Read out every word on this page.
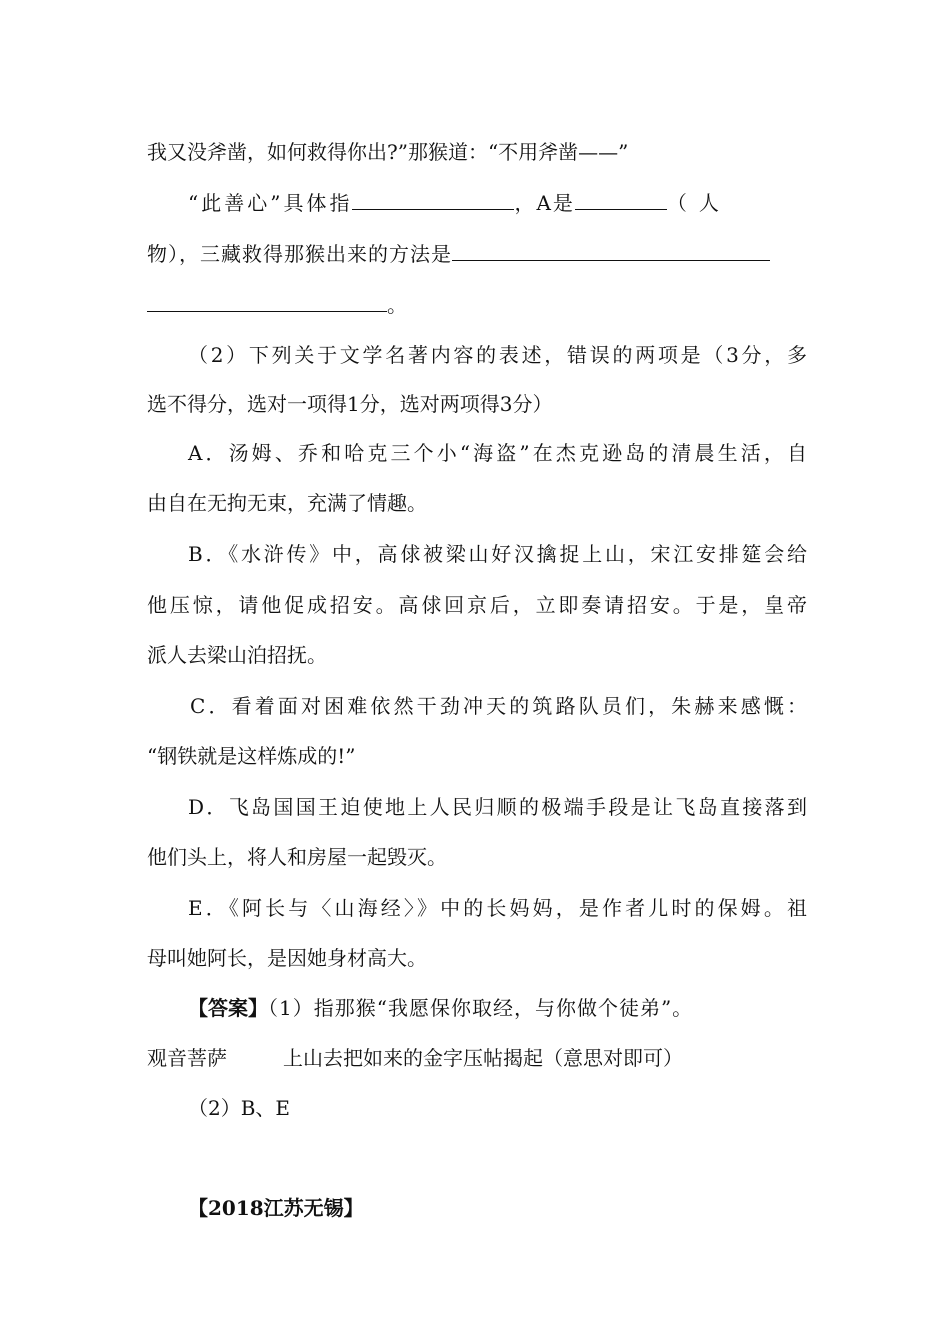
我又没斧凿，如何救得你出?”那猴道：“不用斧凿——”
“此善心”具体指	，A是	（人
物），三藏救得那猴出来的方法是
。
（2）下列关于文学名著内容的表述，错误的两项是（3分，多
选不得分，选对一项得1分，选对两项得3分）
A．汤姆、乔和哈克三个小“海盗”在杰克逊岛的清晨生活，自
由自在无拘无束，充满了情趣。
B．《水浒传》中，高俅被梁山好汉擒捉上山，宋江安排筵会给
他压惊，请他促成招安。高俅回京后，立即奏请招安。于是，皇帝
派人去梁山泊招抚。
C．看着面对困难依然干劲冲天的筑路队员们，朱赫来感慨：
“钢铁就是这样炼成的!”
D．飞岛国国王迫使地上人民归顺的极端手段是让飞岛直接落到
他们头上，将人和房屋一起毁灭。
E．《阿长与〈山海经〉》中的长妈妈，是作者儿时的保姆。祖
母叫她阿长，是因她身材高大。
【答案】（1）指那猴“我愿保你取经，与你做个徒弟”。
观音菩萨	上山去把如来的金字压帖揭起（意思对即可）
（2）B、E
【2018江苏无锡】
